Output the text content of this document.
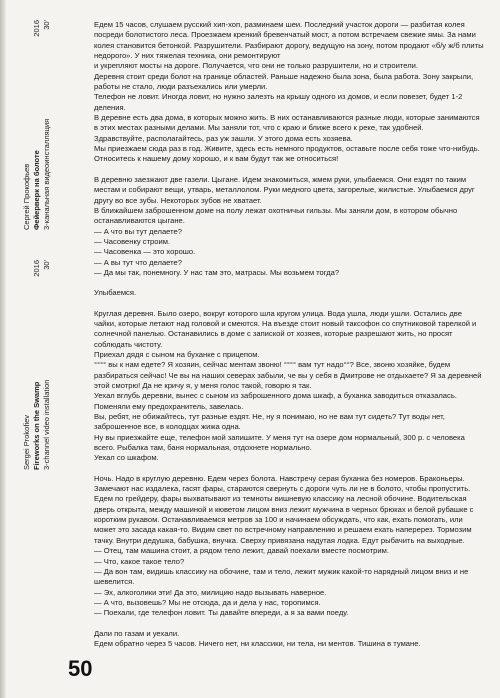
Сергей Прокофьев Фейерверк на болоте
2016
3-канальная видеоинсталляция
30'
Sergei Prokofiev Fireworks on the Swamp
2016
3-channel video installation
30'

Едем 15 часов, слушаем русский хип-хоп, разминаем шеи. Последний участок дороги — разбитая колея посреди болотистого леса. Проезжаем кренкий бревенчатый мост, а потом встречаем свежие ямы. За нами колея становится бетонкой. Разрушители. Разбирают дорогу, ведущую на зону, потом продают «б/у ж/б плиты недорого». У них тяжелая техника, они ремонтируют

и укрепляют мосты на дороге. Получается, что они не только разрушители, но и строители.

Деревня стоит среди болот на границе областей. Раньше надежно была зона, была работа. Зону закрыли, работы не стало, люди разъехались или умерли.

Телефон не ловит. Иногда ловит, но нужно залезть на крышу одного из домов, и если повезет, будет 1-2 деления.

В деревне есть два дома, в которых можно жить. В них останавливаются разные люди, которые занимаются в этих местах разными делами. Мы заняли тот, что с краю и ближе всего к реке, так удобней.

Здравствуйте, располагайтесь, раз уж зашли. У этого дома есть хозяева.

Мы приезжаем сюда раз в год. Живите, здесь есть немного продуктов, оставьте после себя тоже что-нибудь. Относитесь к нашему дому хорошо, и к вам будут так же относиться!

В деревню заезжают две газели. Цыгане. Идем знакомиться, жмем руки, улыбаемся. Они ездят по таким местам и собирают вещи, утварь, металлолом. Руки медного цвета, загорелые, жилистые. Улыбаемся друг другу во все зубы. Некоторых зубов не хватает.

В ближайшем заброшенном доме на полу лежат охотничьи гильзы. Мы заняли дом, в котором обычно останавливаются цыгане.

— А что вы тут делаете?

— Часовенку строим.

— Часовенка — это хорошо.

— А вы тут что делаете?

— Да мы так, понемногу. У нас там это, матрасы. Мы возьмем тогда?

Улыбаемся.

Круглая деревня. Было озеро, вокруг которого шла кругом улица. Вода ушла, люди ушли. Остались две чайки, которые летают над головой и смеются. На въезде стоит новый таксофон со спутниковой тарелкой и солнечной панелью. Останавились в доме с запиской от хозяев, которые разрешают жить, но просят соблюдать чистоту.

Приехал дядя с сыном на буханке с прицепом.

°°°° вы к нам едете? Я хозяин, сейчас ментам звоню! °°°° вам тут надо°°? Все, звоню хозяйке, будем разбираться сейчас! Че вы на наших северах забыли, че вы у себя в Дмитрове не отдыхаете? Я за деревней этой смотрю! Да не кричу я, у меня голос такой, говорю я так.

Уехал вглубь деревни, вынес с сыном из заброшенного дома шкаф, а буханка заводиться отказалась. Поменяли ему предохранитель, завелась.

Вы, ребят, не обижайтесь, тут разные ездят. Не, ну я понимаю, но не вам тут сидеть? Тут воды нет, заброшенное все, в колодцах жижа одна.

Ну вы приезжайте еще, телефон мой запишите. У меня тут на озере дом нормальный, 300 р. с человека всего. Рыбалка там, баня нормальная, отдохнете нормально.

Уехал со шкафом.

Ночь. Надо в круглую деревню. Едем через болота. Навстречу серая буханка без номеров. Браконьеры. Замечают нас издалека, гасят фары, стараются свернуть с дороги чуть ли не в болото, чтобы пропустить. Едем по грейдеру, фары выхватывают из темноты вишневую классику на лесной обочине. Водительская дверь открыта, между машиной и кюветом лицом вниз лежит мужчина в черных брюках и белой рубашке с коротким рукавом. Останавливаемся метров за 100 и начинаем обсуждать, что как, ехать помогать, или может это засада какая-то. Видим свет по встречному направлению и решаем ехать наперерез. Тормозим тачку. Внутри дедушка, бабушка, внучка. Сверху привязана надутая лодка. Едут рыбачить на выходные.

— Отец, там машина стоит, а рядом тело лежит, давай поехали вместе посмотрим.

— Что, какое такое тело?

— Да вон там, видишь классику на обочине, там и тело, лежит мужик какой-то нарядный лицом вниз и не шевелится.

— Эх, алкоголики эти! Да это, милицию надо вызывать наверное.

— А что, вызовешь? Мы не отсюда, да и дела у нас, торопимся.

— Поехали, где телефон ловит. Ты давайте впереди, а я за вами поеду.

Дали по газам и уехали.

Едем обратно через 5 часов. Ничего нет, ни классики, ни тела, ни ментов. Тишина в тумане.

50
